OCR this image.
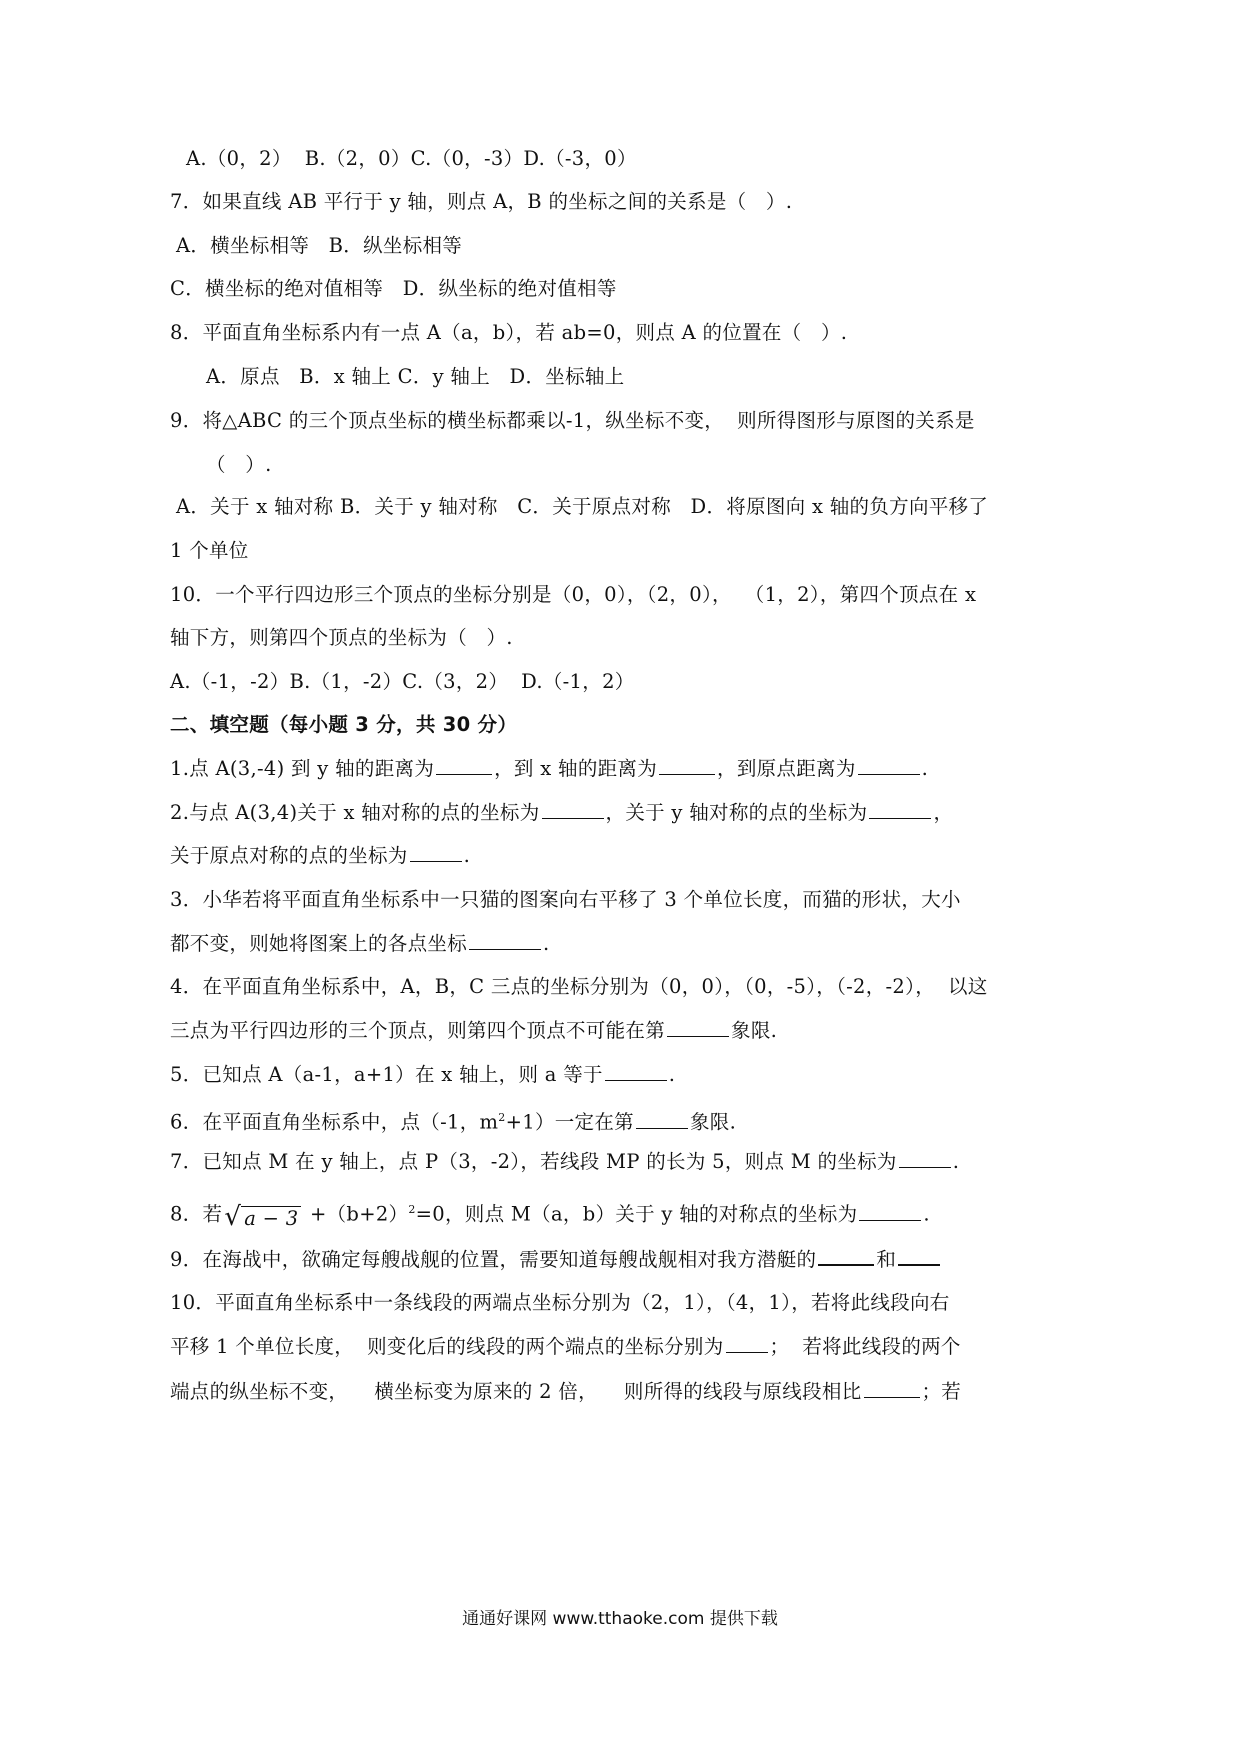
A.（0，2）  B.（2，0）C.（0，-3）D.（-3，0）
7．如果直线 AB 平行于 y 轴，则点 A，B 的坐标之间的关系是（   ）.
A．横坐标相等   B．纵坐标相等
C．横坐标的绝对值相等   D．纵坐标的绝对值相等
8．平面直角坐标系内有一点 A（a，b），若 ab=0，则点 A 的位置在（   ）.
A．原点   B．x 轴上 C．y 轴上   D．坐标轴上
9．将△ABC 的三个顶点坐标的横坐标都乘以-1，纵坐标不变，  则所得图形与原图的关系是
（   ）.
A．关于 x 轴对称 B．关于 y 轴对称   C．关于原点对称   D．将原图向 x 轴的负方向平移了
1 个单位
10．一个平行四边形三个顶点的坐标分别是（0，0），（2，0），  （1，2），第四个顶点在 x
轴下方，则第四个顶点的坐标为（   ）.
A.（-1，-2）B.（1，-2）C.（3，2）  D.（-1，2）
二、填空题（每小题 3 分，共 30 分）
1.点 A(3,-4) 到 y 轴的距离为	，到 x 轴的距离为	，到原点距离为	.
2.与点 A(3,4)关于 x 轴对称的点的坐标为	，关于 y 轴对称的点的坐标为	，
关于原点对称的点的坐标为	.
3．小华若将平面直角坐标系中一只猫的图案向右平移了 3 个单位长度，而猫的形状，大小
都不变，则她将图案上的各点坐标	.
4．在平面直角坐标系中，A，B，C 三点的坐标分别为（0，0），（0，-5），（-2，-2），  以这
三点为平行四边形的三个顶点，则第四个顶点不可能在第	象限.
5．已知点 A（a-1，a+1）在 x 轴上，则 a 等于	.
6．在平面直角坐标系中，点（-1，$m^2+1$）一定在第	象限.
7．已知点 M 在 y 轴上，点 P（3，-2），若线段 MP 的长为 5，则点 M 的坐标为	.
8．若√ $a - 3 +(b+2)^2=0$，则点 M（a，b）关于 y 轴的对称点的坐标为	.
9．在海战中，欲确定每艘战舰的位置，需要知道每艘战舰相对我方潜艇的	和
10．平面直角坐标系中一条线段的两端点坐标分别为（2，1），（4，1），若将此线段向右
平移 1 个单位长度，  则变化后的线段的两个端点的坐标分别为 ；  若将此线段的两个
端点的纵坐标不变，    横坐标变为原来的 2 倍，    则所得的线段与原线段相比	；若
通通好课网 www.tthaoke.com 提供下载
